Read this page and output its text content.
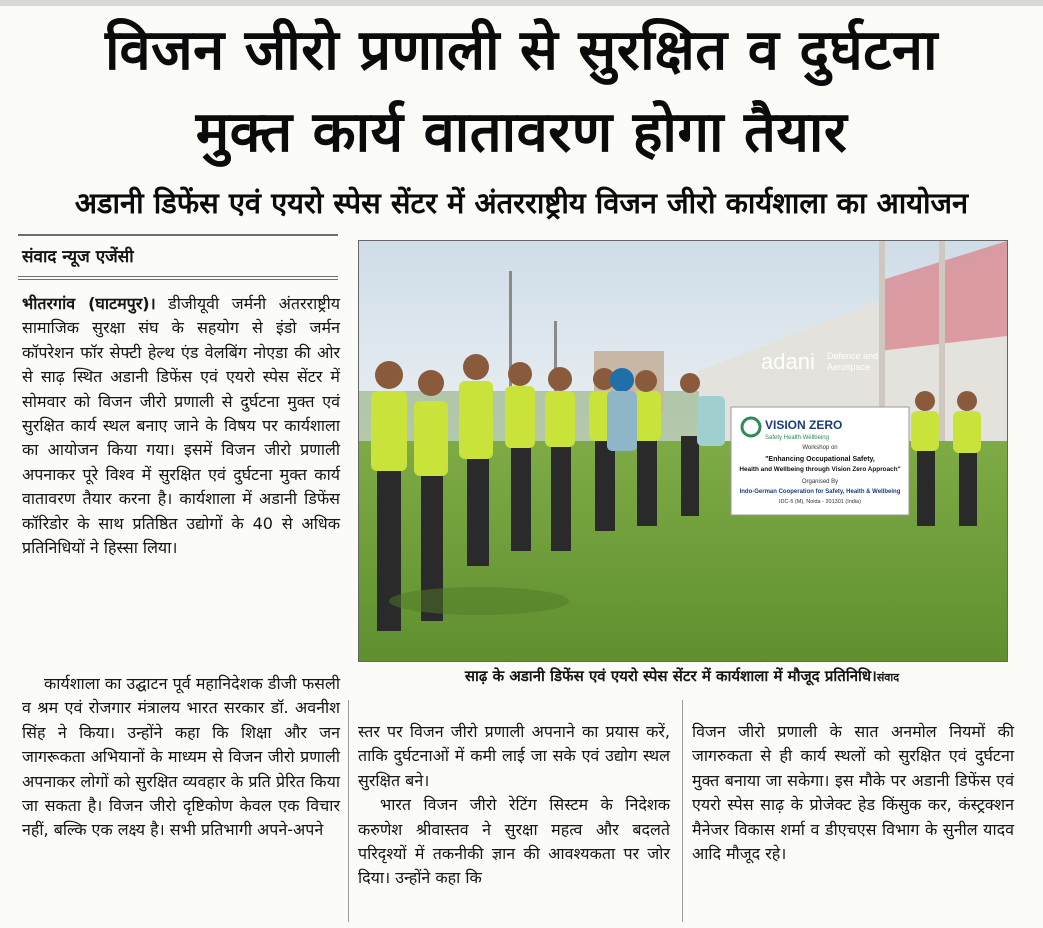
विजन जीरो प्रणाली से सुरक्षित व दुर्घटना
मुक्त कार्य वातावरण होगा तैयार
अडानी डिफेंस एवं एयरो स्पेस सेंटर में अंतरराष्ट्रीय विजन जीरो कार्यशाला का आयोजन
संवाद न्यूज एजेंसी

भीतरगांव (घाटमपुर)। डीजीयूवी जर्मनी अंतरराष्ट्रीय सामाजिक सुरक्षा संघ के सहयोग से इंडो जर्मन कॉपरेशन फॉर सेफ्टी हेल्थ एंड वेलबिंग नोएडा की ओर से साढ़ स्थित अडानी डिफेंस एवं एयरो स्पेस सेंटर में सोमवार को विजन जीरो प्रणाली से दुर्घटना मुक्त एवं सुरक्षित कार्य स्थल बनाए जाने के विषय पर कार्यशाला का आयोजन किया गया। इसमें विजन जीरो प्रणाली अपनाकर पूरे विश्व में सुरक्षित एवं दुर्घटना मुक्त कार्य वातावरण तैयार करना है। कार्यशाला में अडानी डिफेंस कॉरिडोर के साथ प्रतिष्ठित उद्योगों के 40 से अधिक प्रतिनिधियों ने हिस्सा लिया।

कार्यशाला का उद्घाटन पूर्व महानिदेशक डीजी फसली व श्रम एवं रोजगार मंत्रालय भारत सरकार डॉ. अवनीश सिंह ने किया। उन्होंने कहा कि शिक्षा और जन जागरूकता अभियानों के माध्यम से विजन जीरो प्रणाली अपनाकर लोगों को सुरक्षित व्यवहार के प्रति प्रेरित किया जा सकता है। विजन जीरो दृष्टिकोण केवल एक विचार नहीं, बल्कि एक लक्ष्य है। सभी प्रतिभागी अपने-अपने

स्तर पर विजन जीरो प्रणाली अपनाने का प्रयास करें, ताकि दुर्घटनाओं में कमी लाई जा सके एवं उद्योग स्थल सुरक्षित बने।

भारत विजन जीरो रेटिंग सिस्टम के निदेशक करुणेश श्रीवास्तव ने सुरक्षा महत्व और बदलते परिदृश्यों में तकनीकी ज्ञान की आवश्यकता पर जोर दिया। उन्होंने कहा कि

विजन जीरो प्रणाली के सात अनमोल नियमों की जागरुकता से ही कार्य स्थलों को सुरक्षित एवं दुर्घटना मुक्त बनाया जा सकेगा। इस मौके पर अडानी डिफेंस एवं एयरो स्पेस साढ़ के प्रोजेक्ट हेड किंसुक कर, कंस्ट्रक्शन मैनेजर विकास शर्मा व डीएचएस विभाग के सुनील यादव आदि मौजूद रहे।

adani Defence and
Aerospace
VISION ZERO
Safety Health Wellbeing
Workshop on
"Enhancing Occupational Safety,
Health and Wellbeing through Vision Zero Approach"
Organised By
Indo-German Cooperation for Safety, Health & Wellbeing
IDC-5 (M), Noida - 201301 (India)
साढ़ के अडानी डिफेंस एवं एयरो स्पेस सेंटर में कार्यशाला में मौजूद प्रतिनिधि।संवाद
